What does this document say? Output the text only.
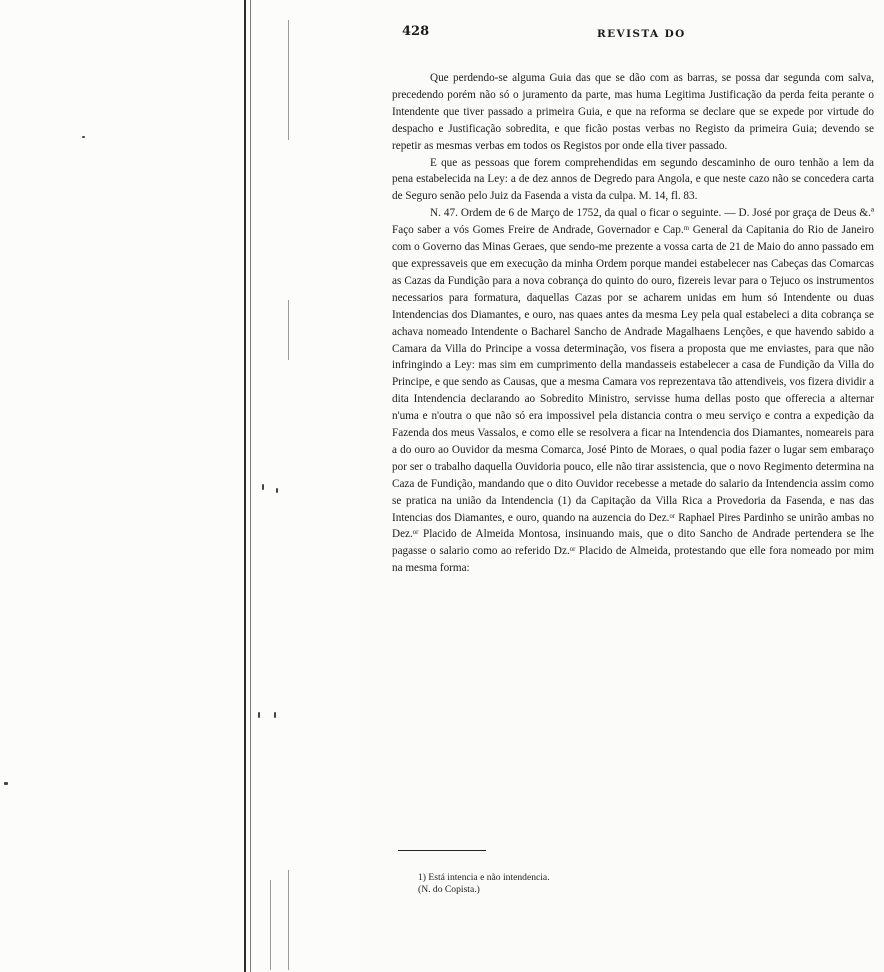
428	REVISTA DO

Que perdendo-se alguma Guia das que se dão com as barras, se possa dar segunda com salva, precedendo porém não só o juramento da parte, mas huma Legitima Justificação da perda feita perante o Intendente que tiver passado a primeira Guia, e que na reforma se declare que se expede por virtude do despacho e Justificação sobredita, e que ficão postas verbas no Registo da primeira Guia; devendo se repetir as mesmas verbas em todos os Registos por onde ella tiver passado.

E que as pessoas que forem comprehendidas em segundo descaminho de ouro tenhão a lem da pena estabelecida na Ley: a de dez annos de Degredo para Angola, e que neste cazo não se concedera carta de Seguro senão pelo Juiz da Fasenda a vista da culpa. M. 14, fl. 83.

N. 47. Ordem de 6 de Março de 1752, da qual o ficar o seguinte. — D. José por graça de Deus &.ª Faço saber a vós Gomes Freire de Andrade, Governador e Cap.ᵐ General da Capitania do Rio de Janeiro com o Governo das Minas Geraes, que sendo-me prezente a vossa carta de 21 de Maio do anno passado em que expressaveis que em execução da minha Ordem porque mandei estabelecer nas Cabeças das Comarcas as Cazas da Fundição para a nova cobrança do quinto do ouro, fizereis levar para o Tejuco os instrumentos necessarios para formatura, daquellas Cazas por se acharem unidas em hum só Intendente ou duas Intendencias dos Diamantes, e ouro, nas quaes antes da mesma Ley pela qual estabeleci a dita cobrança se achava nomeado Intendente o Bacharel Sancho de Andrade Magalhaens Lenções, e que havendo sabido a Camara da Villa do Principe a vossa determinação, vos fisera a proposta que me enviastes, para que não infringindo a Ley: mas sim em cumprimento della mandasseis estabelecer a casa de Fundição da Villa do Principe, e que sendo as Causas, que a mesma Camara vos reprezentava tão attendiveis, vos fizera dividir a dita Intendencia declarando ao Sobredito Ministro, servisse huma dellas posto que offerecia a alternar n'uma e n'outra o que não só era impossivel pela distancia contra o meu serviço e contra a expedição da Fazenda dos meus Vassalos, e como elle se resolvera a ficar na Intendencia dos Diamantes, nomeareis para a do ouro ao Ouvidor da mesma Comarca, José Pinto de Moraes, o qual podia fazer o lugar sem embaraço por ser o trabalho daquella Ouvidoria pouco, elle não tirar assistencia, que o novo Regimento determina na Caza de Fundição, mandando que o dito Ouvidor recebesse a metade do salario da Intendencia assim como se pratica na união da Intendencia (1) da Capitação da Villa Rica a Provedoria da Fasenda, e nas das Intencias dos Diamantes, e ouro, quando na auzencia do Dez.ᵒʳ Raphael Pires Pardinho se unirão ambas no Dez.ᵒʳ Placido de Almeida Montosa, insinuando mais, que o dito Sancho de Andrade pertendera se lhe pagasse o salario como ao referido Dz.ᵒʳ Placido de Almeida, protestando que elle fora nomeado por mim na mesma forma:

1) Está intencia e não intendencia.
(N. do Copista.)
